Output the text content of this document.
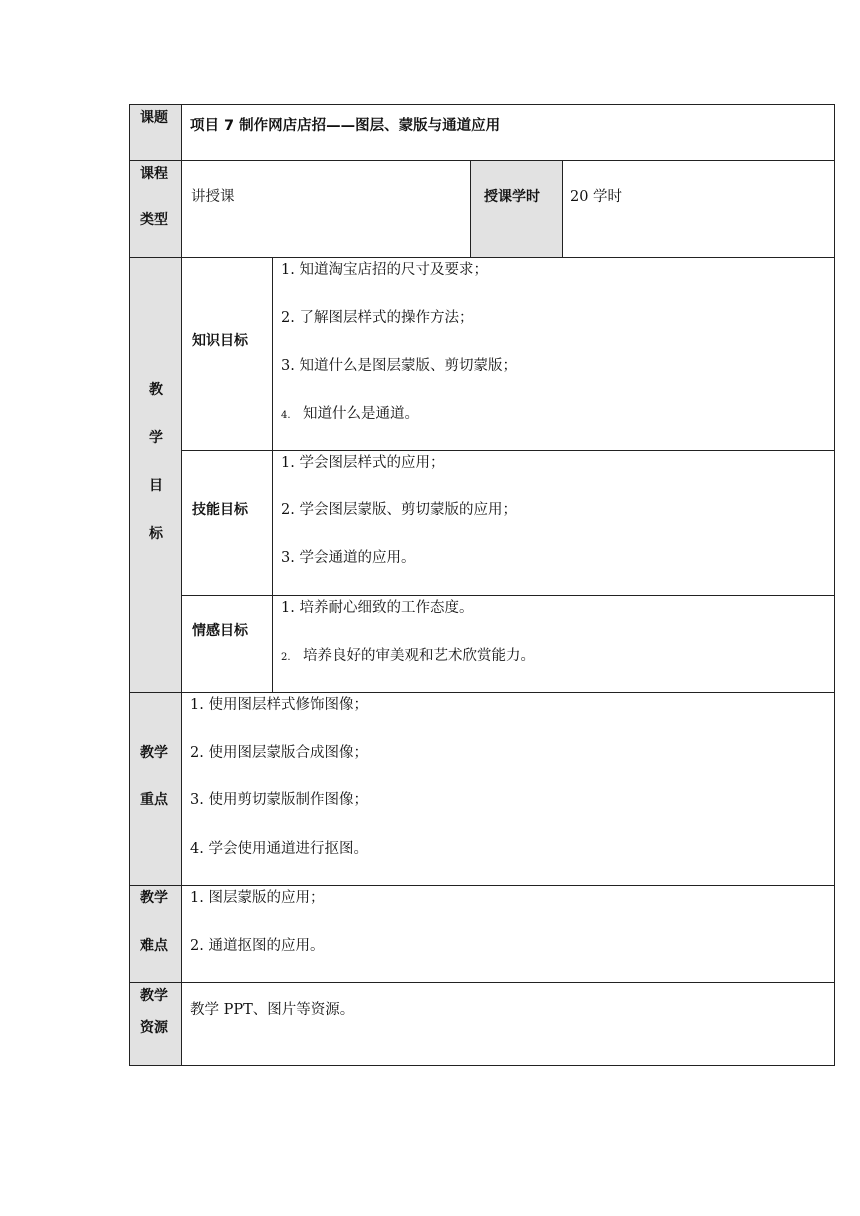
课题 项目 7 制作网店店招——图层、蒙版与通道应用
课程
类型
讲授课	授课学时 20 学时
教
学
目
标
知识目标
1. 知道淘宝店招的尺寸及要求；
2. 了解图层样式的操作方法；
3. 知道什么是图层蒙版、剪切蒙版；
4. 知道什么是通道。
技能目标
1. 学会图层样式的应用；
2. 学会图层蒙版、剪切蒙版的应用；
3. 学会通道的应用。
情感目标
1. 培养耐心细致的工作态度。
2. 培养良好的审美观和艺术欣赏能力。
教学
重点
1. 使用图层样式修饰图像；
2. 使用图层蒙版合成图像；
3. 使用剪切蒙版制作图像；
4. 学会使用通道进行抠图。
教学
难点
1. 图层蒙版的应用；
2. 通道抠图的应用。
教学
资源
教学 PPT、图片等资源。
